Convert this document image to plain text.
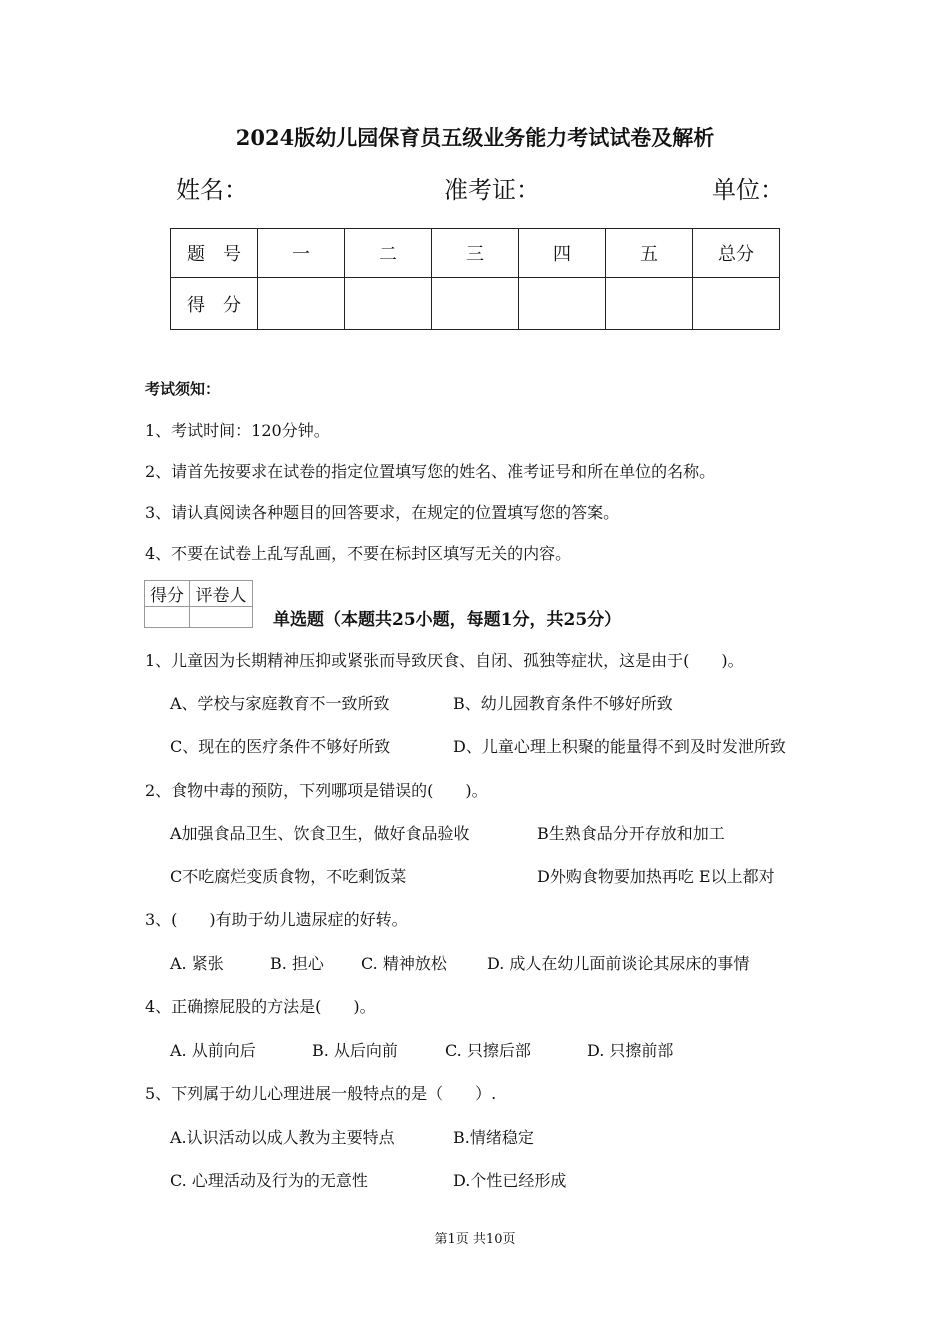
2024版幼儿园保育员五级业务能力考试试卷及解析
姓名：	准考证：	单位：
题　号	一	二	三	四	五	总分
得　分						
考试须知：
1、考试时间：120分钟。
2、请首先按要求在试卷的指定位置填写您的姓名、准考证号和所在单位的名称。
3、请认真阅读各种题目的回答要求，在规定的位置填写您的答案。
4、不要在试卷上乱写乱画，不要在标封区填写无关的内容。
得分	评卷人

单选题（本题共25小题，每题1分，共25分）
1、儿童因为长期精神压抑或紧张而导致厌食、自闭、孤独等症状，这是由于(　　)。
A、学校与家庭教育不一致所致	B、幼儿园教育条件不够好所致
C、现在的医疗条件不够好所致	D、儿童心理上积聚的能量得不到及时发泄所致
2、食物中毒的预防，下列哪项是错误的(　　)。
A加强食品卫生、饮食卫生，做好食品验收	B生熟食品分开存放和加工
C不吃腐烂变质食物，不吃剩饭菜	D外购食物要加热再吃 E以上都对
3、(　　)有助于幼儿遗尿症的好转。
A. 紧张	B. 担心 C. 精神放松	D. 成人在幼儿面前谈论其尿床的事情
4、正确擦屁股的方法是(　　)。
A. 从前向后	B. 从后向前	C. 只擦后部	D. 只擦前部
5、下列属于幼儿心理进展一般特点的是（　　）.
A.认识活动以成人教为主要特点	B.情绪稳定
C. 心理活动及行为的无意性	D.个性已经形成
第1页 共10页
